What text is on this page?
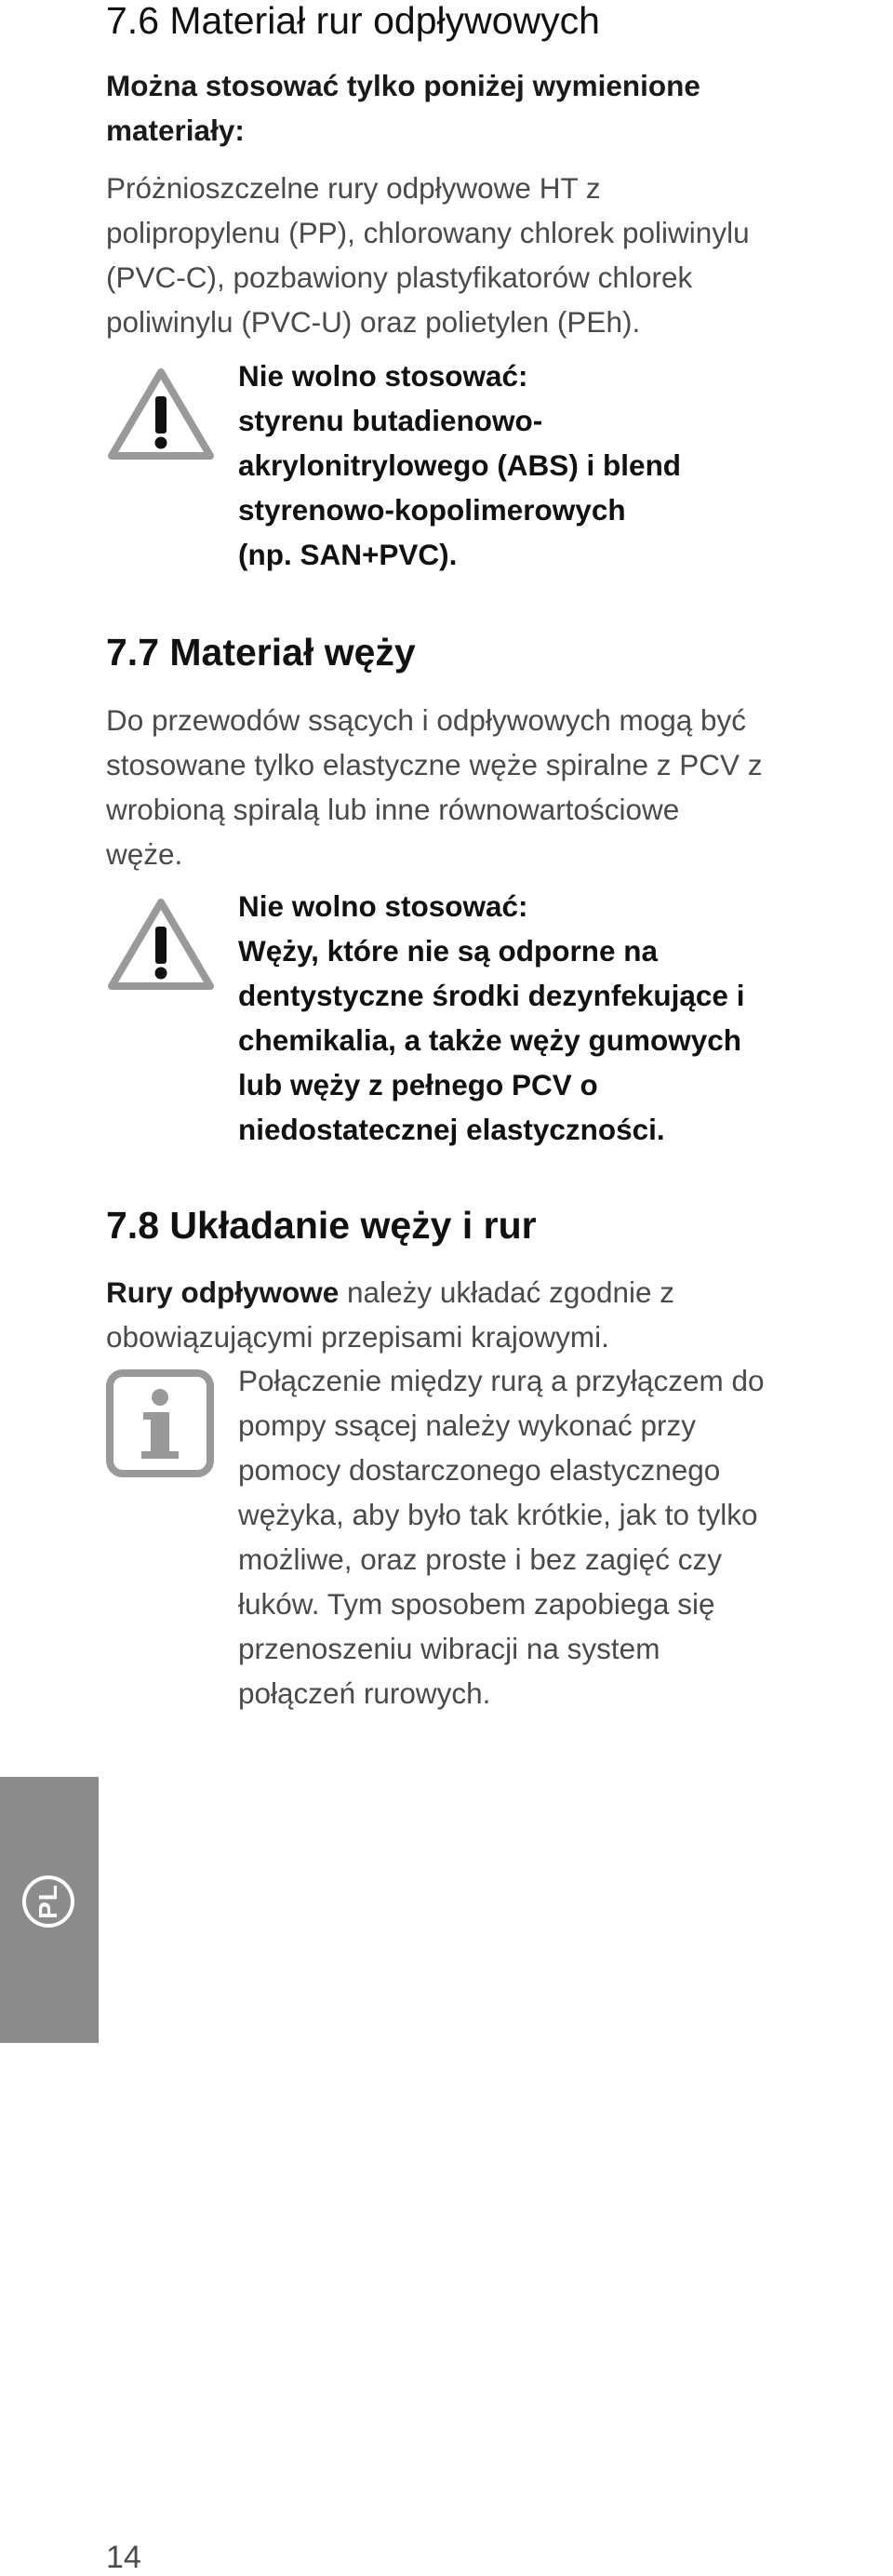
7.6 Materiał rur odpływowych
Można stosować tylko poniżej wymienione
materiały:
Próżnioszczelne rury odpływowe HT z
polipropylenu (PP), chlorowany chlorek poliwinylu
(PVC-C), pozbawiony plastyfikatorów chlorek
poliwinylu (PVC-U) oraz polietylen (PEh).
Nie wolno stosować:
styrenu butadienowo-
akrylonitrylowego (ABS) i blend
styrenowo-kopolimerowych
(np. SAN+PVC).
7.7 Materiał węży
Do przewodów ssących i odpływowych mogą być
stosowane tylko elastyczne węże spiralne z PCV z
wrobioną spiralą lub inne równowartościowe
węże.
Nie wolno stosować:
Węży, które nie są odporne na
dentystyczne środki dezynfekujące i
chemikalia, a także węży gumowych
lub węży z pełnego PCV o
niedostatecznej elastyczności.
7.8 Układanie węży i rur
Rury odpływowe należy układać zgodnie z
obowiązującymi przepisami krajowymi.
Połączenie między rurą a przyłączem do
pompy ssącej należy wykonać przy
pomocy dostarczonego elastycznego
wężyka, aby było tak krótkie, jak to tylko
możliwe, oraz proste i bez zagięć czy
łuków. Tym sposobem zapobiega się
przenoszeniu wibracji na system
połączeń rurowych.
PL
14
